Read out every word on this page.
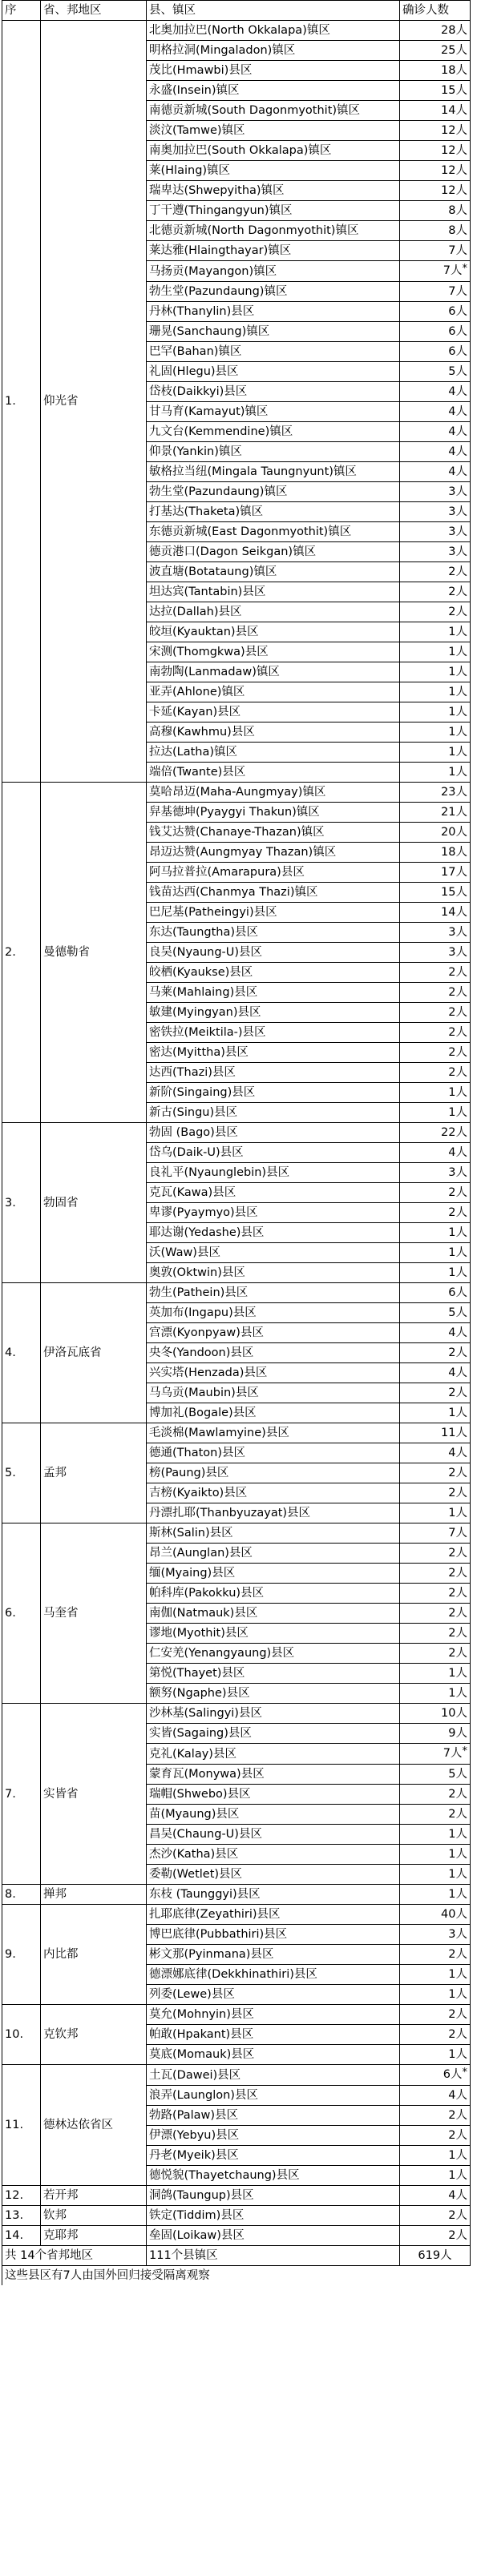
序	省、邦地区	县、镇区	确诊人数
1.	仰光省	北奥加拉巴(North Okkalapa)镇区	28人
		明格拉洞(Mingaladon)镇区	25人
		茂比(Hmawbi)县区	18人
		永盛(Insein)镇区	15人
		南德贡新城(South Dagonmyothit)镇区	14人
		淡汶(Tamwe)镇区	12人
		南奥加拉巴(South Okkalapa)镇区	12人
		莱(Hlaing)镇区	12人
		瑞卑达(Shwepyitha)镇区	12人
		丁干遵(Thingangyun)镇区	8人
		北德贡新城(North Dagonmyothit)镇区	8人
		莱达雅(Hlaingthayar)镇区	7人
		马扬贡(Mayangon)镇区	7人*
		勃生堂(Pazundaung)镇区	7人
		丹林(Thanylin)县区	6人
		珊晃(Sanchaung)镇区	6人
		巴罕(Bahan)镇区	6人
		礼固(Hlegu)县区	5人
		岱枝(Daikkyi)县区	4人
		甘马育(Kamayut)镇区	4人
		九文台(Kemmendine)镇区	4人
		仰景(Yankin)镇区	4人
		敏格拉当纽(Mingala Taungnyunt)镇区	4人
		勃生堂(Pazundaung)镇区	3人
		打基达(Thaketa)镇区	3人
		东德贡新城(East Dagonmyothit)镇区	3人
		德贡港口(Dagon Seikgan)镇区	3人
		波直塘(Botataung)镇区	2人
		坦达宾(Tantabin)县区	2人
		达拉(Dallah)县区	2人
		皎垣(Kyauktan)县区	1人
		宋测(Thomgkwa)县区	1人
		南勃陶(Lanmadaw)镇区	1人
		亚弄(Ahlone)镇区	1人
		卡延(Kayan)县区	1人
		高穆(Kawhmu)县区	1人
		拉达(Latha)镇区	1人
		端倍(Twante)县区	1人
2.	曼德勒省	莫哈昂迈(Maha-Aungmyay)镇区	23人
		舁基德坤(Pyaygyi Thakun)镇区	21人
		钱艾达赞(Chanaye-Thazan)镇区	20人
		昂迈达赞(Aungmyay Thazan)镇区	18人
		阿马拉普拉(Amarapura)县区	17人
		钱苗达西(Chanmya Thazi)镇区	15人
		巴尼基(Patheingyi)县区	14人
		东达(Taungtha)县区	3人
		良吴(Nyaung-U)县区	3人
		皎栖(Kyaukse)县区	2人
		马莱(Mahlaing)县区	2人
		敏建(Myingyan)县区	2人
		密铁拉(Meiktila-)县区	2人
		密达(Myittha)县区	2人
		达西(Thazi)县区	2人
		新阶(Singaing)县区	1人
		新古(Singu)县区	1人
3.	勃固省	勃固 (Bago)县区	22人
		岱乌(Daik-U)县区	4人
		良礼平(Nyaunglebin)县区	3人
		克瓦(Kawa)县区	2人
		卑谬(Pyaymyo)县区	2人
		耶达谢(Yedashe)县区	1人
		沃(Waw)县区	1人
		奥敦(Oktwin)县区	1人
4.	伊洛瓦底省	勃生(Pathein)县区	6人
		英加布(Ingapu)县区	5人
		宫漂(Kyonpyaw)县区	4人
		央冬(Yandoon)县区	2人
		兴实塔(Henzada)县区	4人
		马乌贡(Maubin)县区	2人
		博加礼(Bogale)县区	1人
5.	孟邦	毛淡棉(Mawlamyine)县区	11人
		德通(Thaton)县区	4人
		榜(Paung)县区	2人
		吉榜(Kyaikto)县区	2人
		丹漂扎耶(Thanbyuzayat)县区	1人
6.	马奎省	斯林(Salin)县区	7人
		昂兰(Aunglan)县区	2人
		缅(Myaing)县区	2人
		帕科库(Pakokku)县区	2人
		南伽(Natmauk)县区	2人
		谬地(Myothit)县区	2人
		仁安羌(Yenangyaung)县区	2人
		第悦(Thayet)县区	1人
		额努(Ngaphe)县区	1人
7.	实皆省	沙林基(Salingyi)县区	10人
		实皆(Sagaing)县区	9人
		克礼(Kalay)县区	7人*
		蒙育瓦(Monywa)县区	5人
		瑞帽(Shwebo)县区	2人
		苗(Myaung)县区	2人
		昌吴(Chaung-U)县区	1人
		杰沙(Katha)县区	1人
		委勒(Wetlet)县区	1人
8.	掸邦	东枝 (Taunggyi)县区	1人
9.	内比都	扎耶底律(Zeyathiri)县区	40人
		博巴底律(Pubbathiri)县区	3人
		彬文那(Pyinmana)县区	2人
		德漂娜底律(Dekkhinathiri)县区	1人
		列委(Lewe)县区	1人
10.	克钦邦	莫允(Mohnyin)县区	2人
		帕敢(Hpakant)县区	2人
		莫底(Momauk)县区	1人
11.	德林达依省区	土瓦(Dawei)县区	6人*
		浪弄(Launglon)县区	4人
		勃路(Palaw)县区	2人
		伊漂(Yebyu)县区	2人
		丹老(Myeik)县区	1人
		德悦貌(Thayetchaung)县区	1人
12.	若开邦	洞鸽(Taungup)县区	4人
13.	钦邦	铁定(Tiddim)县区	2人
14.	克耶邦	垒固(Loikaw)县区	2人
共 14个省邦地区		111个县镇区	619人
这些县区有7人由国外回归接受隔离观察			
